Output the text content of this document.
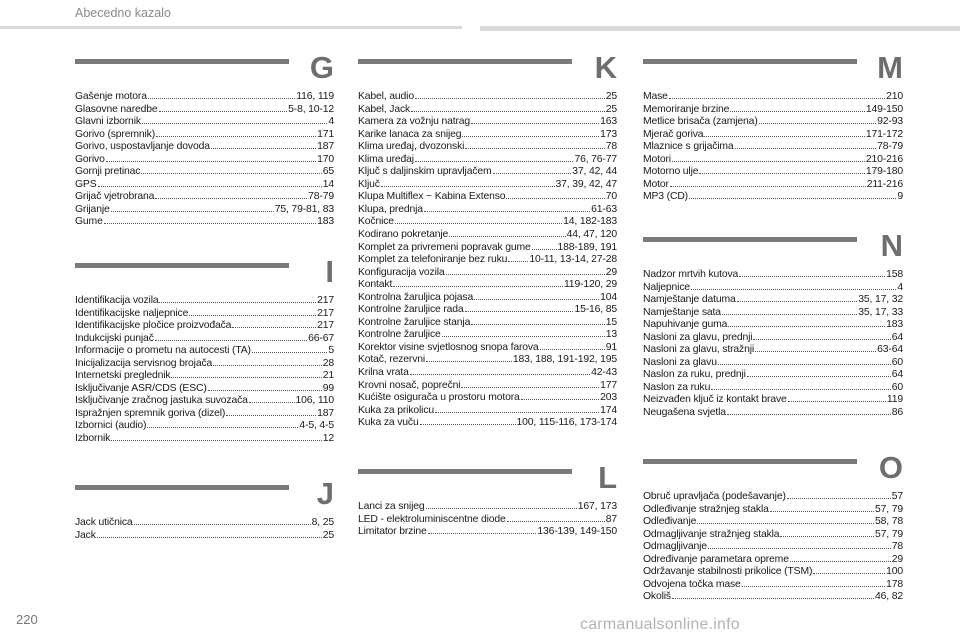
Abecedno kazalo
G
Gašenje motora	116, 119
Glasovne naredbe	5-8, 10-12
Glavni izbornik	4
Gorivo (spremnik)	171
Gorivo, uspostavljanje dovoda	187
Gorivo	170
Gornji pretinac	65
GPS	14
Grijač vjetrobrana	78-79
Grijanje	75, 79-81, 83
Gume	183
I
Identifikacija vozila	217
Identifikacijske naljepnice	217
Identifikacijske pločice proizvođača	217
Indukcijski punjač	66-67
Informacije o prometu na autocesti (TA)	5
Inicijalizacija servisnog brojača	28
Internetski preglednik	21
Isključivanje ASR/CDS (ESC)	99
Isključivanje zračnog jastuka suvozača	106, 110
Ispražnjen spremnik goriva (dizel)	187
Izbornici (audio)	4-5, 4-5
Izbornik	12
J
Jack utičnica	8, 25
Jack	25
K
Kabel, audio	25
Kabel, Jack	25
Kamera za vožnju natrag	163
Karike lanaca za snijeg	173
Klima uređaj, dvozonski	78
Klima uređaj	76, 76-77
Ključ s daljinskim upravljačem	37, 42, 44
Ključ	37, 39, 42, 47
Klupa Multiflex ~ Kabina Extenso	70
Klupa, prednja	61-63
Kočnice	14, 182-183
Kodirano pokretanje	44, 47, 120
Komplet za privremeni popravak gume	188-189, 191
Komplet za telefoniranje bez ruku 10-11, 13-14, 27-28
Konfiguracija vozila	29
Kontakt	119-120, 29
Kontrolna žaruljica pojasa	104
Kontrolne žaruljice rada	15-16, 85
Kontrolne žaruljice stanja	15
Kontrolne žaruljice	13
Korektor visine svjetlosnog snopa farova	91
Kotač, rezervni	183, 188, 191-192, 195
Krilna vrata	42-43
Krovni nosač, poprečni	177
Kućište osigurača u prostoru motora	203
Kuka za prikolicu	174
Kuka za vuču	100, 115-116, 173-174
L
Lanci za snijeg	167, 173
LED - elektroluminiscentne diode	87
Limitator brzine	136-139, 149-150
M
Mase	210
Memoriranje brzine	149-150
Metlice brisača (zamjena)	92-93
Mjerač goriva	171-172
Mlaznice s grijačima	78-79
Motori	210-216
Motorno ulje	179-180
Motor	211-216
MP3 (CD)	9
N
Nadzor mrtvih kutova	158
Naljepnice	4
Namještanje datuma	35, 17, 32
Namještanje sata	35, 17, 33
Napuhivanje guma	183
Nasloni za glavu, prednji	64
Nasloni za glavu, stražnji	63-64
Nasloni za glavu	60
Naslon za ruku, prednji	64
Naslon za ruku	60
Neizvađen ključ iz kontakt brave	119
Neugašena svjetla	86
O
Obruč upravljača (podešavanje)	57
Odleđivanje stražnjeg stakla	57, 79
Odleđivanje	58, 78
Odmagljivanje stražnjeg stakla	57, 79
Odmagljivanje	78
Određivanje parametara opreme	29
Održavanje stabilnosti prikolice (TSM)	100
Odvojena točka mase	178
Okoliš	46, 82
220	carmanualsonline.info
